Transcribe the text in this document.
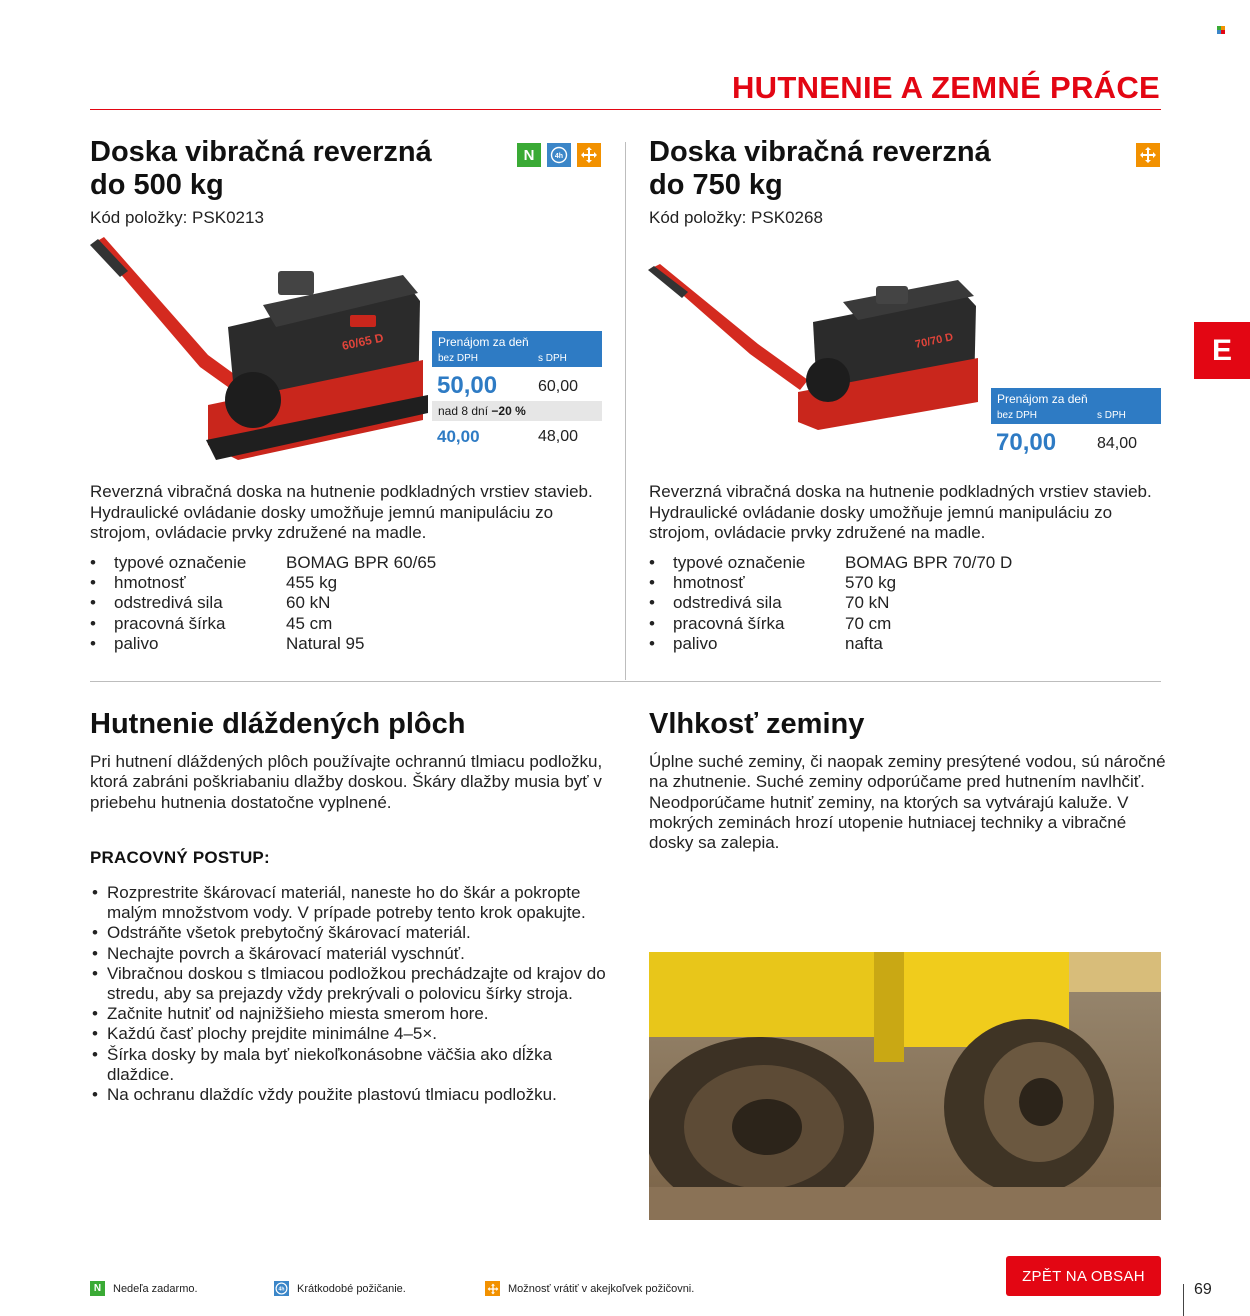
HUTNENIE A ZEMNÉ PRÁCE
E
Doska vibračná reverzná do 500 kg
Kód položky: PSK0213
N	4h
60/65 D	Prenájom za deň
bez DPH	s DPH
50,00	60,00
nad 8 dní −20 %
40,00	48,00
Reverzná vibračná doska na hutnenie podkladných vrstiev stavieb. Hydraulické ovládanie dosky umožňuje jemnú manipuláciu zo strojom, ovládacie prvky združené na madle.
•	typové označenie	BOMAG BPR 60/65
•	hmotnosť	455 kg
•	odstredivá sila	60 kN
•	pracovná šírka	45 cm
•	palivo	Natural 95
Doska vibračná reverzná do 750 kg
Kód položky: PSK0268
70/70 D
Prenájom za deň
bez DPH	s DPH
70,00	84,00
Reverzná vibračná doska na hutnenie podkladných vrstiev stavieb. Hydraulické ovládanie dosky umožňuje jemnú manipuláciu zo strojom, ovládacie prvky združené na madle.
•	typové označenie	BOMAG BPR 70/70 D
•	hmotnosť	570 kg
•	odstredivá sila	70 kN
•	pracovná šírka	70 cm
•	palivo	nafta
Hutnenie dláždených plôch
Pri hutnení dláždených plôch používajte ochrannú tlmiacu podložku, ktorá zabráni poškriabaniu dlažby doskou. Škáry dlažby musia byť v priebehu hutnenia dostatočne vyplnené.
PRACOVNÝ POSTUP:
• Rozprestrite škárovací materiál, naneste ho do škár a pokropte malým množstvom vody. V prípade potreby tento krok opakujte.
• Odstráňte všetok prebytočný škárovací materiál.
• Nechajte povrch a škárovací materiál vyschnúť.
• Vibračnou doskou s tlmiacou podložkou prechádzajte od krajov do stredu, aby sa prejazdy vždy prekrývali o polovicu šírky stroja.
• Začnite hutniť od najnižšieho miesta smerom hore.
• Každú časť plochy prejdite minimálne 4–5×.
• Šírka dosky by mala byť niekoľkonásobne väčšia ako dĺžka dlaždice.
• Na ochranu dlaždíc vždy použite plastovú tlmiacu podložku.
Vlhkosť zeminy
Úplne suché zeminy, či naopak zeminy presýtené vodou, sú náročné na zhutnenie. Suché zeminy odporúčame pred hutnením navlhčiť. Neodporúčame hutniť zeminy, na ktorých sa vytvárajú kaluže. V mokrých zeminách hrozí utopenie hutniacej techniky a vibračné dosky sa zalepia.
N	Nedeľa zadarmo.	4h Krátkodobé požičanie.	Možnosť vrátiť v akejkoľvek požičovni.
ZPĚT NA OBSAH
69
